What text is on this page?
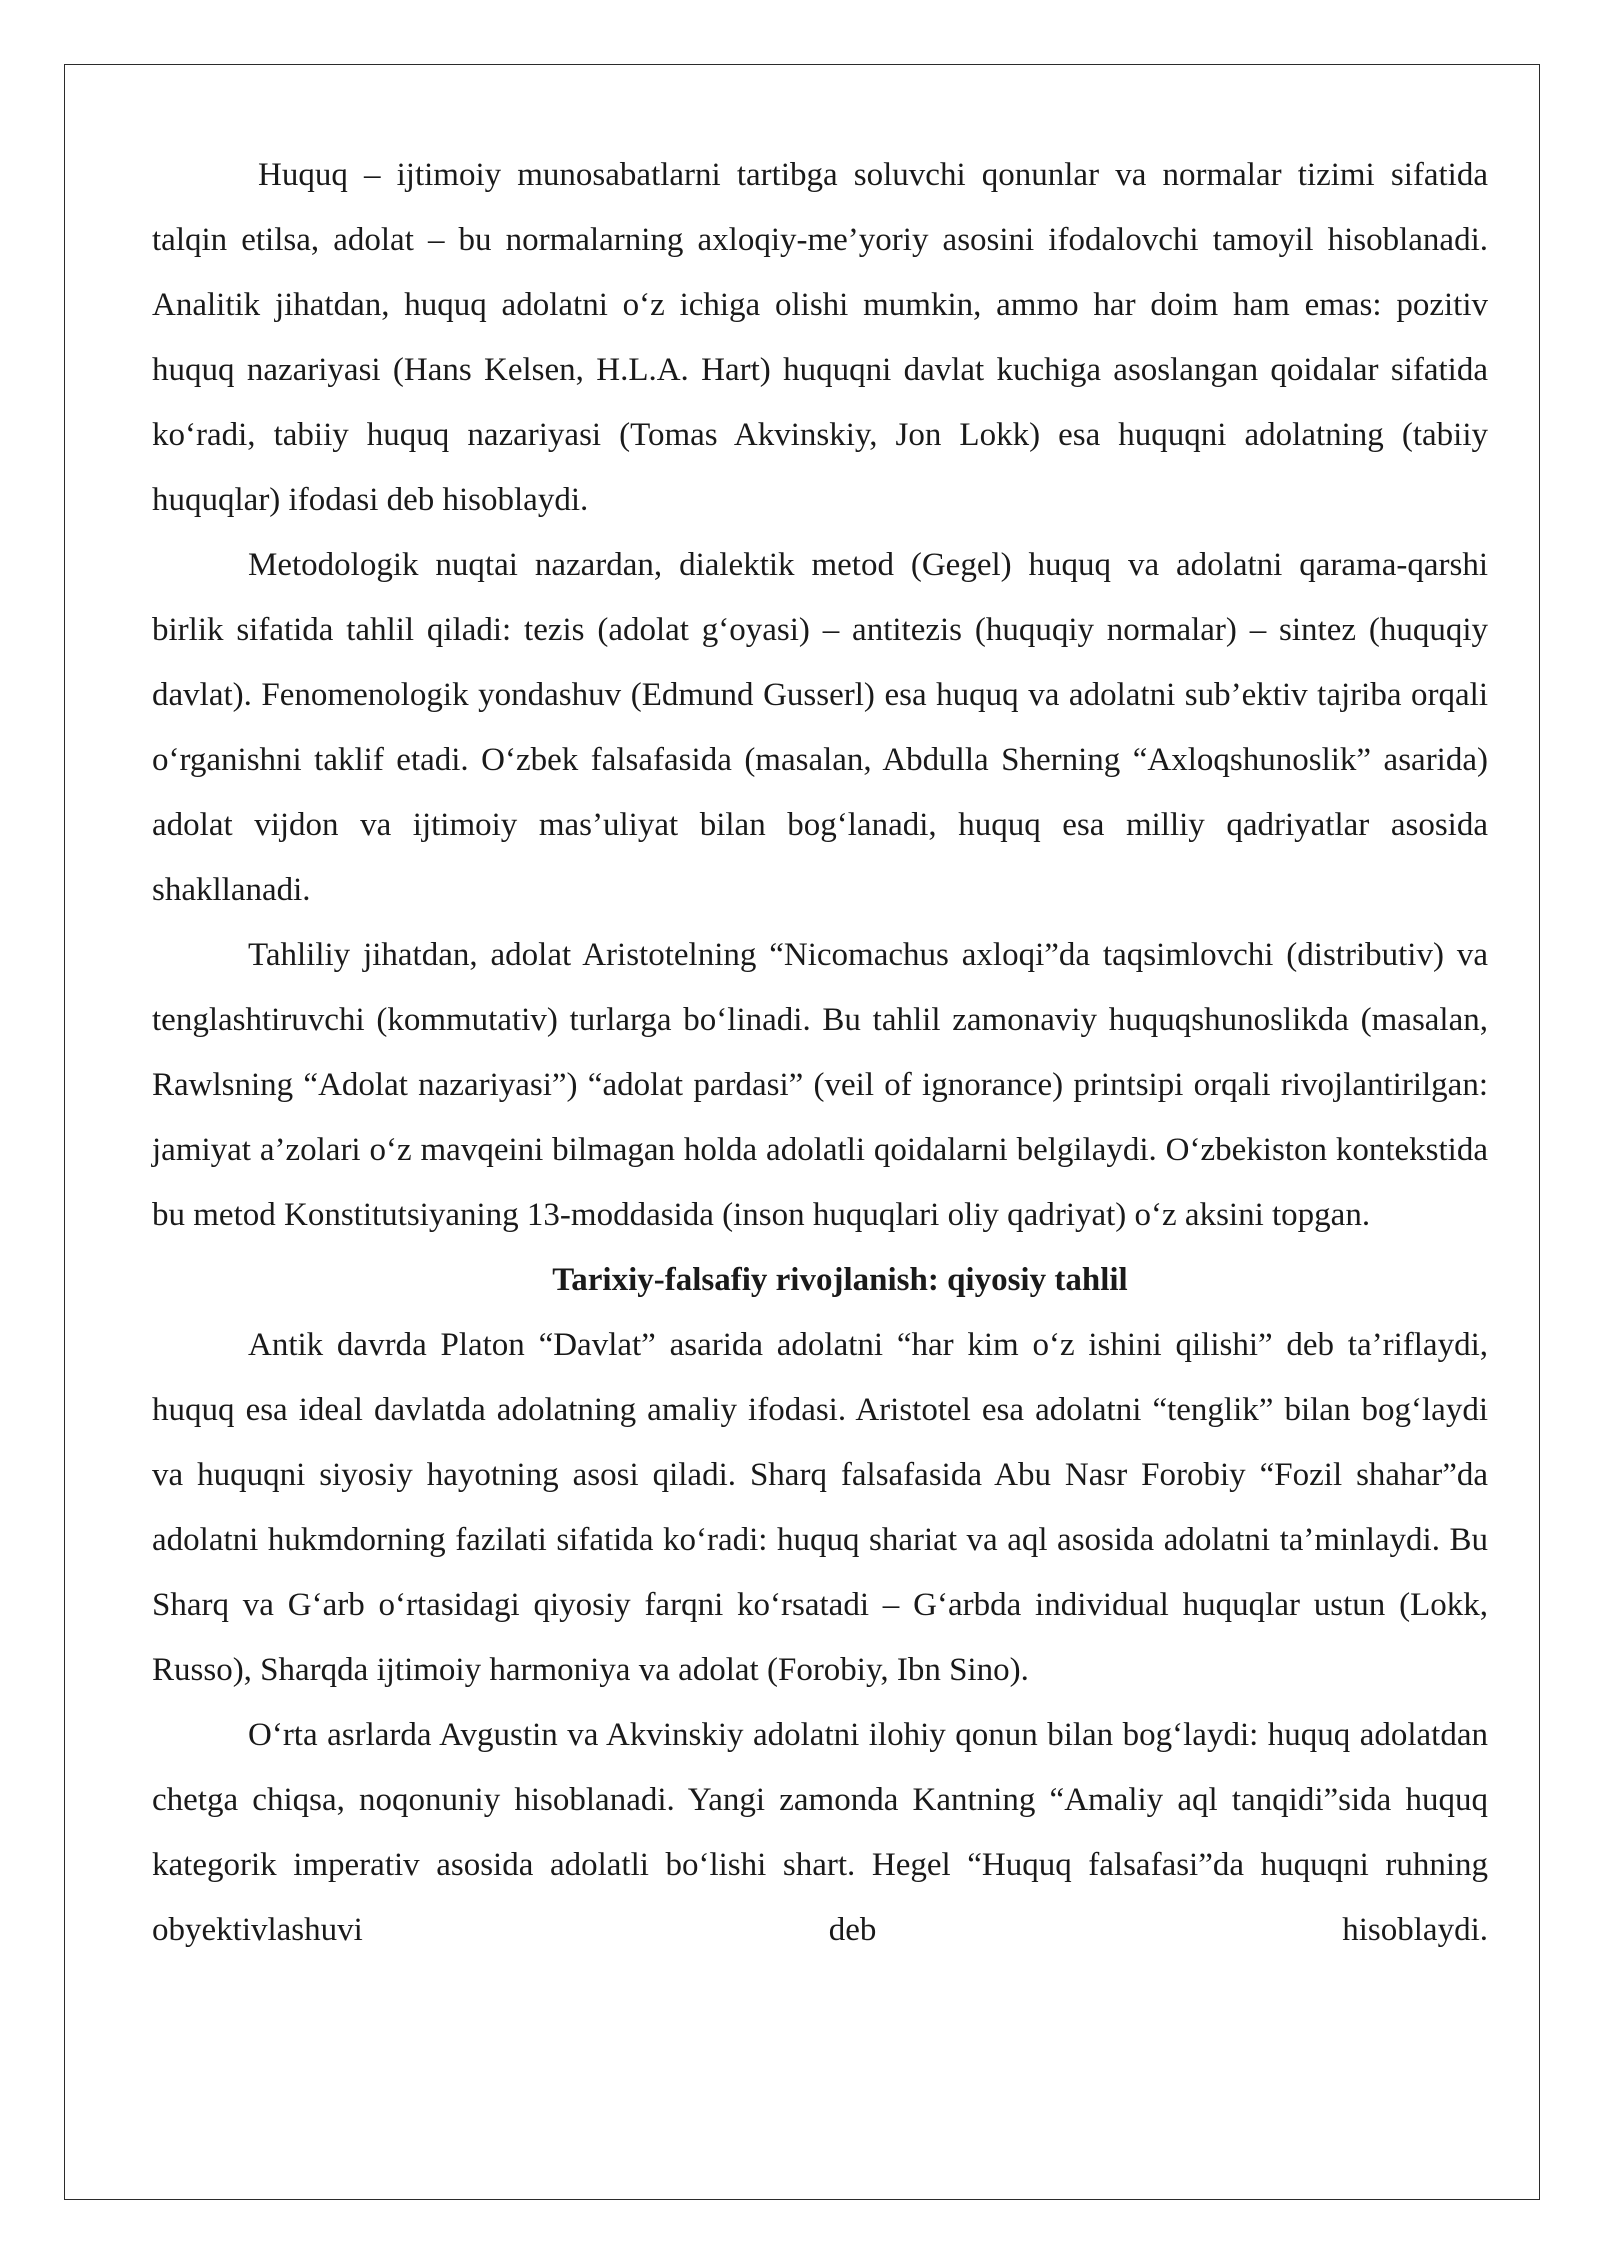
Huquq – ijtimoiy munosabatlarni tartibga soluvchi qonunlar va normalar tizimi sifatida talqin etilsa, adolat – bu normalarning axloqiy-me’yoriy asosini ifodalovchi tamoyil hisoblanadi. Analitik jihatdan, huquq adolatni o‘z ichiga olishi mumkin, ammo har doim ham emas: pozitiv huquq nazariyasi (Hans Kelsen, H.L.A. Hart) huquqni davlat kuchiga asoslangan qoidalar sifatida ko‘radi, tabiiy huquq nazariyasi (Tomas Akvinskiy, Jon Lokk) esa huquqni adolatning (tabiiy huquqlar) ifodasi deb hisoblaydi.

Metodologik nuqtai nazardan, dialektik metod (Gegel) huquq va adolatni qarama-qarshi birlik sifatida tahlil qiladi: tezis (adolat g‘oyasi) – antitezis (huquqiy normalar) – sintez (huquqiy davlat). Fenomenologik yondashuv (Edmund Gusserl) esa huquq va adolatni sub’ektiv tajriba orqali o‘rganishni taklif etadi. O‘zbek falsafasida (masalan, Abdulla Sherning “Axloqshunoslik” asarida) adolat vijdon va ijtimoiy mas’uliyat bilan bog‘lanadi, huquq esa milliy qadriyatlar asosida shakllanadi.

Tahliliy jihatdan, adolat Aristotelning “Nicomachus axloqi”da taqsimlovchi (distributiv) va tenglashtiruvchi (kommutativ) turlarga bo‘linadi. Bu tahlil zamonaviy huquqshunoslikda (masalan, Rawlsning “Adolat nazariyasi”) “adolat pardasi” (veil of ignorance) printsipi orqali rivojlantirilgan: jamiyat a’zolari o‘z mavqeini bilmagan holda adolatli qoidalarni belgilaydi. O‘zbekiston kontekstida bu metod Konstitutsiyaning 13-moddasida (inson huquqlari oliy qadriyat) o‘z aksini topgan.

Tarixiy-falsafiy rivojlanish: qiyosiy tahlil

Antik davrda Platon “Davlat” asarida adolatni “har kim o‘z ishini qilishi” deb ta’riflaydi, huquq esa ideal davlatda adolatning amaliy ifodasi. Aristotel esa adolatni “tenglik” bilan bog‘laydi va huquqni siyosiy hayotning asosi qiladi. Sharq falsafasida Abu Nasr Forobiy “Fozil shahar”da adolatni hukmdorning fazilati sifatida ko‘radi: huquq shariat va aql asosida adolatni ta’minlaydi. Bu Sharq va G‘arb o‘rtasidagi qiyosiy farqni ko‘rsatadi – G‘arbda individual huquqlar ustun (Lokk, Russo), Sharqda ijtimoiy harmoniya va adolat (Forobiy, Ibn Sino).

O‘rta asrlarda Avgustin va Akvinskiy adolatni ilohiy qonun bilan bog‘laydi: huquq adolatdan chetga chiqsa, noqonuniy hisoblanadi. Yangi zamonda Kantning “Amaliy aql tanqidi”sida huquq kategorik imperativ asosida adolatli bo‘lishi shart. Hegel “Huquq falsafasi”da huquqni ruhning obyektivlashuvi deb hisoblaydi.
